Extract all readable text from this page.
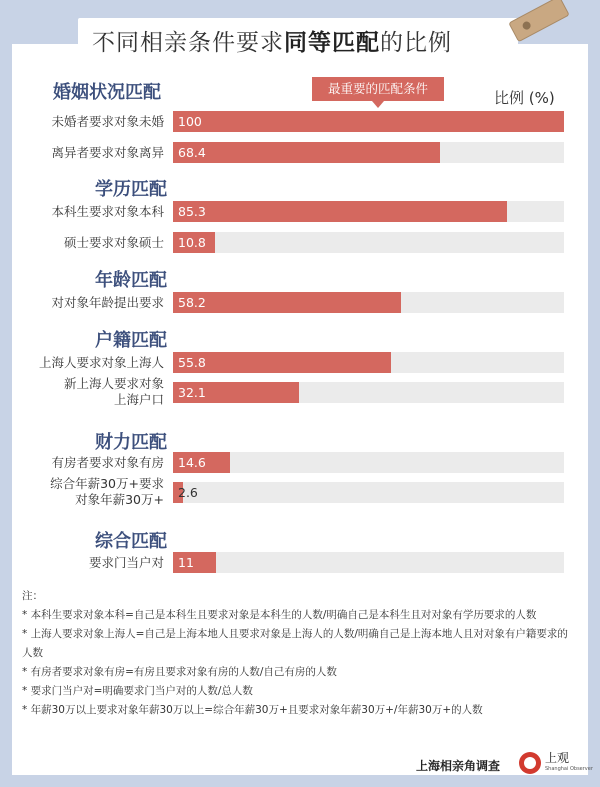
不同相亲条件要求同等匹配的比例
最重要的匹配条件
比例 (%)
婚姻状况匹配
未婚者要求对象未婚 100
离异者要求对象离异 68.4
学历匹配
本科生要求对象本科 85.3
硕士要求对象硕士 10.8
年龄匹配
对对象年龄提出要求 58.2
户籍匹配
上海人要求对象上海人 55.8
新上海人要求对象
上海户口 32.1
财力匹配
有房者要求对象有房 14.6
综合年薪30万+要求
对象年薪30万+ 2.6
综合匹配
要求门当户对 11

注：

* 本科生要求对象本科=自己是本科生且要求对象是本科生的人数/明确自己是本科生且对对象有学历要求的人数

* 上海人要求对象上海人=自己是上海本地人且要求对象是上海人的人数/明确自己是上海本地人且对对象有户籍要求的人数

* 有房者要求对象有房=有房且要求对象有房的人数/自己有房的人数

* 要求门当户对=明确要求门当户对的人数/总人数

* 年薪30万以上要求对象年薪30万以上=综合年薪30万+且要求对象年薪30万+/年薪30万+的人数

上海相亲角调查
上观
Shanghai Observer
